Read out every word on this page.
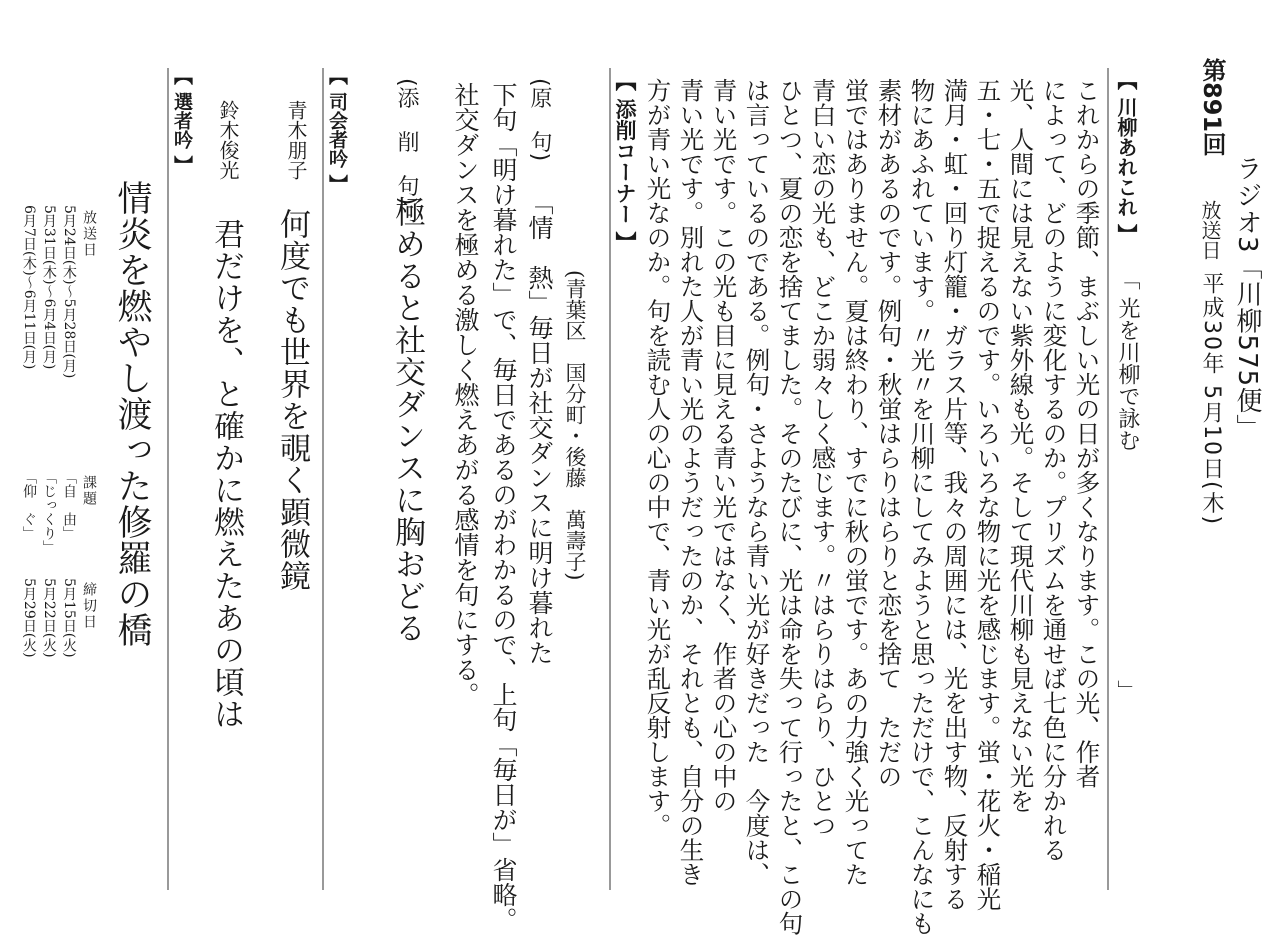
ラジオ3「川柳575便」
第891回
放送日
平成30年 5月10日(木)
【 川柳あれこれ 】
「 光を川柳で詠む
」
これからの季節、まぶしい光の日が多くなります。この光、作者
によって、どのように変化するのか。プリズムを通せば七色に分かれる
光、人間には見えない紫外線も光。そして現代川柳も見えない光を
五・七・五で捉えるのです。いろいろな物に光を感じます。蛍・花火・稲光
満月・虹・回り灯籠・ガラス片等、我々の周囲には、光を出す物、反射する
物にあふれています。〃光〃を川柳にしてみようと思っただけで、こんなにも
素材があるのです。例句・秋蛍はらりはらりと恋を捨て　ただの
蛍ではありません。夏は終わり、すでに秋の蛍です。あの力強く光ってた
青白い恋の光も、どこか弱々しく感じます。〃はらりはらり、ひとつ
ひとつ、夏の恋を捨てました。そのたびに、光は命を失って行ったと、この句
は言っているのである。例句・さようなら青い光が好きだった　今度は、
青い光です。この光も目に見える青い光ではなく、作者の心の中の
青い光です。別れた人が青い光のようだったのか、それとも、自分の生き
方が青い光なのか。句を読む人の心の中で、青い光が乱反射します。
【 添削コーナー 】
(原　句)
「情　熱」毎日が社交ダンスに明け暮れた (青葉区　国分町・後藤　萬壽子)
下句「明け暮れた」で、毎日であるのがわかるので、上句「毎日が」省略。
社交ダンスを極める激しく燃えあがる感情を句にする。
(添　削　句)
極めると社交ダンスに胸おどる
【 司会者吟 】
青木朋子
何度でも世界を覗く顕微鏡
鈴木俊光
君だけを、と確かに燃えたあの頃は
【 選者吟 】
情炎を燃やし渡った修羅の橋
放送日
課題
締切日
5月24日(木)～5月28日(月)
「自　由」
5月15日(火)
5月31日(木)～6月4日(月)
「じっくり」
5月22日(火)
6月7日(木)～6月11日(月)
「仰　ぐ」
5月29日(火)
